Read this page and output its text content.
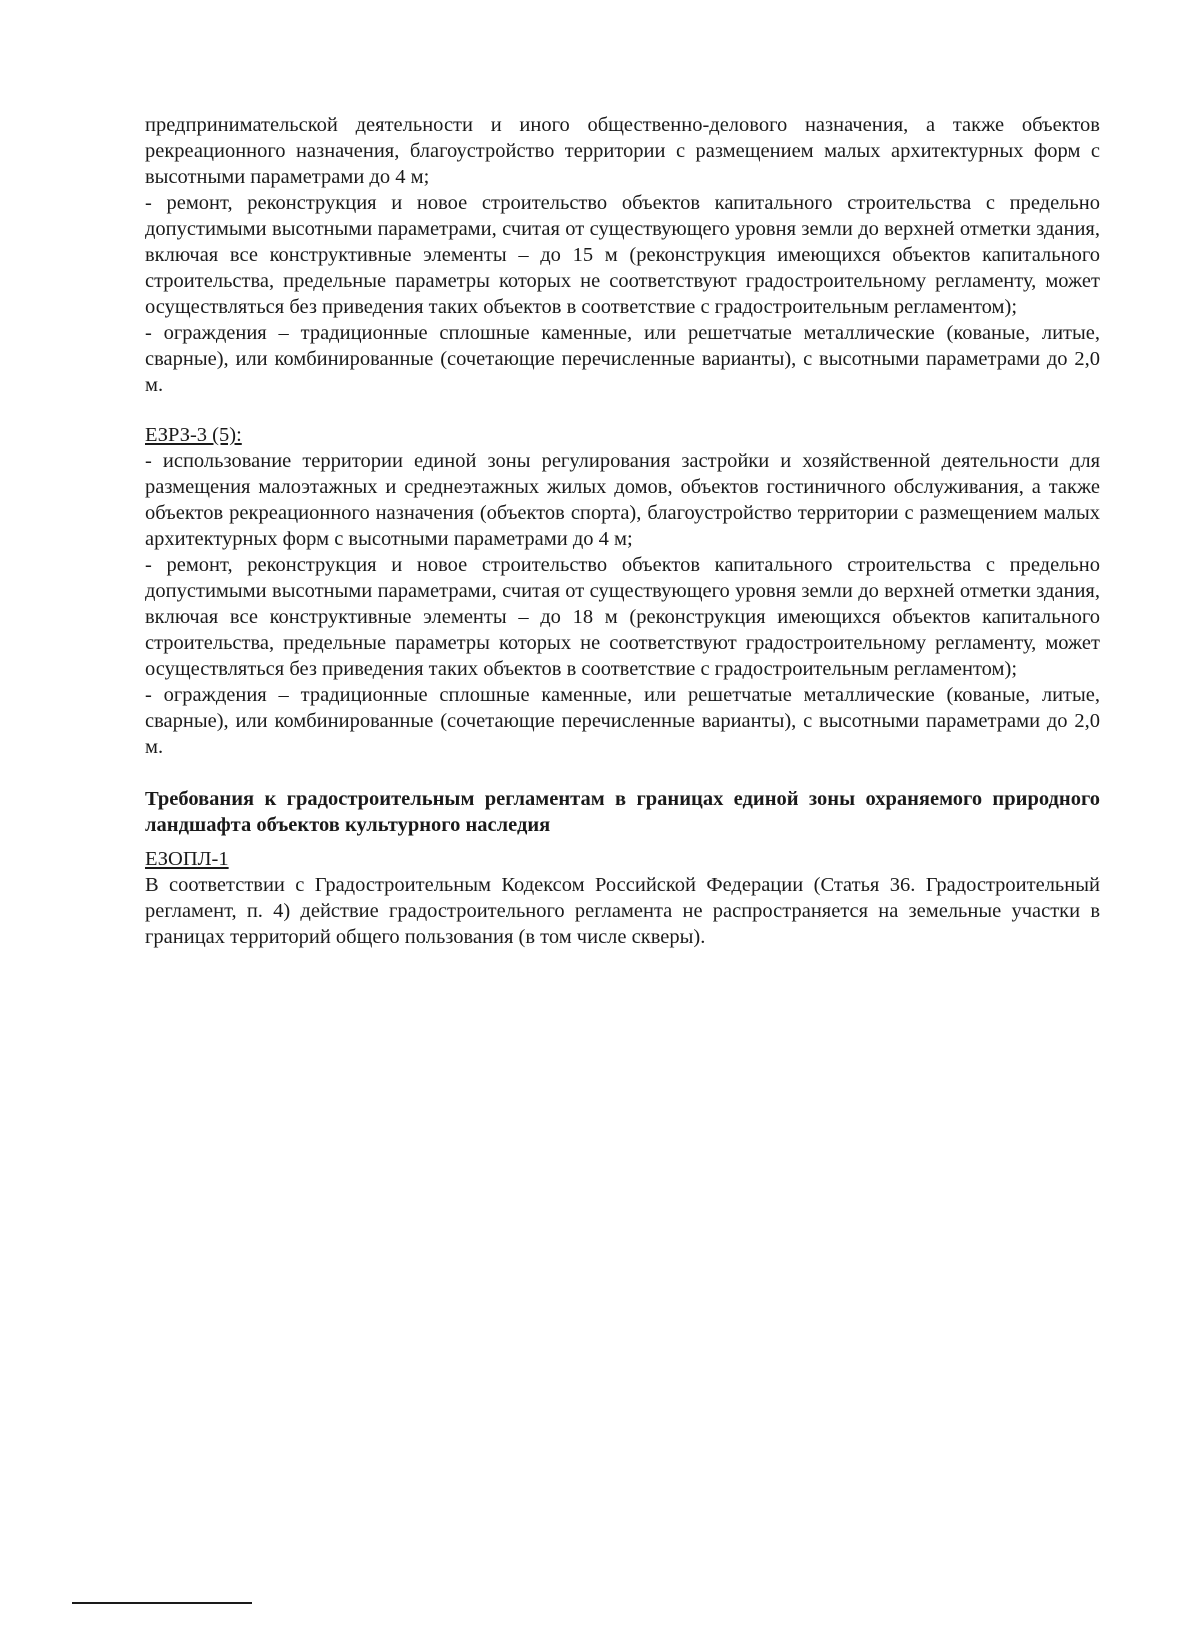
предпринимательской деятельности и иного общественно-делового назначения, а также объектов рекреационного назначения, благоустройство территории с размещением малых архитектурных форм с высотными параметрами до 4 м;

- ремонт, реконструкция и новое строительство объектов капитального строительства с предельно допустимыми высотными параметрами, считая от существующего уровня земли до верхней отметки здания, включая все конструктивные элементы – до 15 м (реконструкция имеющихся объектов капитального строительства, предельные параметры которых не соответствуют градостроительному регламенту, может осуществляться без приведения таких объектов в соответствие с градостроительным регламентом);

- ограждения – традиционные сплошные каменные, или решетчатые металлические (кованые, литые, сварные), или комбинированные (сочетающие перечисленные варианты), с высотными параметрами до 2,0 м.

ЕЗРЗ-3 (5):

- использование территории единой зоны регулирования застройки и хозяйственной деятельности для размещения малоэтажных и среднеэтажных жилых домов, объектов гостиничного обслуживания, а также объектов рекреационного назначения (объектов спорта), благоустройство территории с размещением малых архитектурных форм с высотными параметрами до 4 м;

- ремонт, реконструкция и новое строительство объектов капитального строительства с предельно допустимыми высотными параметрами, считая от существующего уровня земли до верхней отметки здания, включая все конструктивные элементы – до 18 м (реконструкция имеющихся объектов капитального строительства, предельные параметры которых не соответствуют градостроительному регламенту, может осуществляться без приведения таких объектов в соответствие с градостроительным регламентом);

- ограждения – традиционные сплошные каменные, или решетчатые металлические (кованые, литые, сварные), или комбинированные (сочетающие перечисленные варианты), с высотными параметрами до 2,0 м.

Требования к градостроительным регламентам в границах единой зоны охраняемого природного ландшафта объектов культурного наследия

ЕЗОПЛ-1

В соответствии с Градостроительным Кодексом Российской Федерации (Статья 36. Градостроительный регламент, п. 4) действие градостроительного регламента не распространяется на земельные участки в границах территорий общего пользования (в том числе скверы).
